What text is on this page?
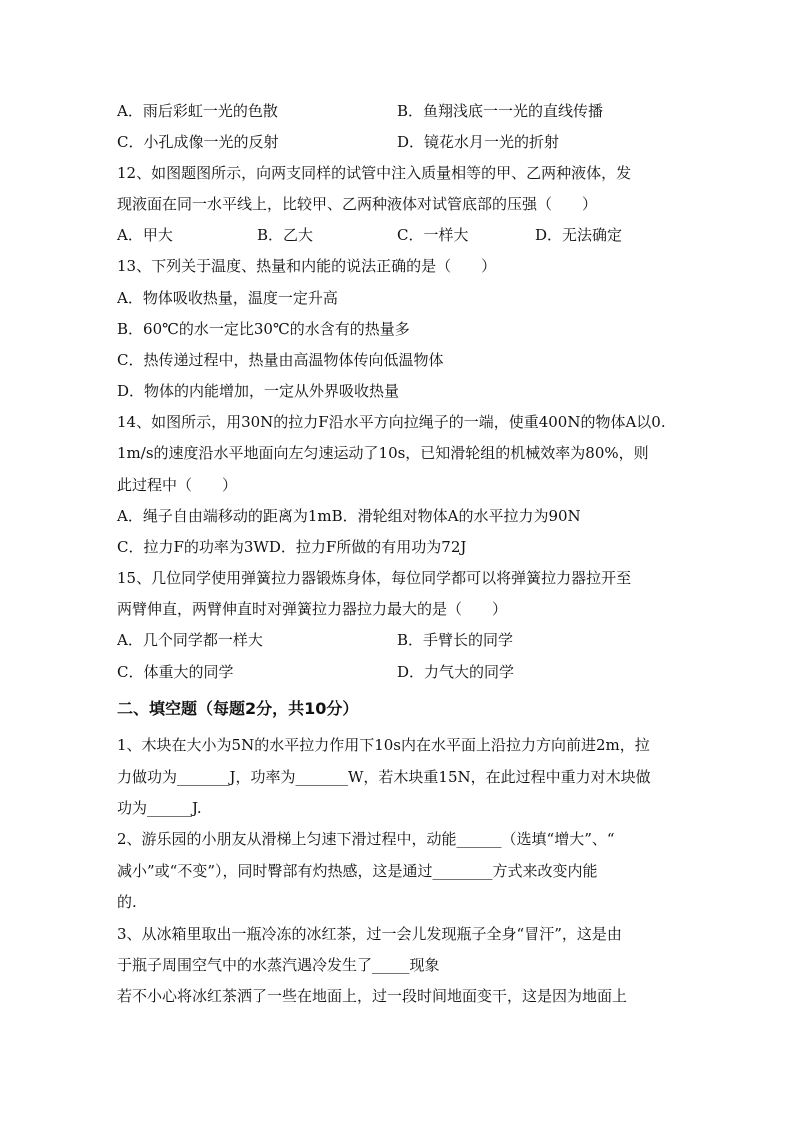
A．雨后彩虹一光的色散	B．鱼翔浅底一一光的直线传播
C．小孔成像一光的反射	D．镜花水月一光的折射
12、如图题图所示，向两支同样的试管中注入质量相等的甲、乙两种液体，发
现液面在同一水平线上，比较甲、乙两种液体对试管底部的压强（　　）
A．甲大	B．乙大	C．一样大	D．无法确定
13、下列关于温度、热量和内能的说法正确的是（　　）
A．物体吸收热量，温度一定升高
B．60℃的水一定比30℃的水含有的热量多
C．热传递过程中，热量由高温物体传向低温物体
D．物体的内能增加，一定从外界吸收热量
14、如图所示，用30N的拉力F沿水平方向拉绳子的一端，使重400N的物体A以0.
1m/s的速度沿水平地面向左匀速运动了10s，已知滑轮组的机械效率为80%，则
此过程中（　　）
A．绳子自由端移动的距离为1mB．滑轮组对物体A的水平拉力为90N
C．拉力F的功率为3WD．拉力F所做的有用功为72J
15、几位同学使用弹簧拉力器锻炼身体，每位同学都可以将弹簧拉力器拉开至
两臂伸直，两臂伸直时对弹簧拉力器拉力最大的是（　　）
A．几个同学都一样大	B．手臂长的同学
C．体重大的同学	D．力气大的同学
二、填空题（每题2分，共10分）
1、木块在大小为5N的水平拉力作用下10s内在水平面上沿拉力方向前进2m，拉
力做功为_______J，功率为_______W，若木块重15N，在此过程中重力对木块做
功为______J.
2、游乐园的小朋友从滑梯上匀速下滑过程中，动能______（选填“增大”、“
减小”或“不变”），同时臀部有灼热感，这是通过________方式来改变内能
的.
3、从冰箱里取出一瓶冷冻的冰红茶，过一会儿发现瓶子全身“冒汗”，这是由
于瓶子周围空气中的水蒸汽遇冷发生了_____现象
若不小心将冰红茶洒了一些在地面上，过一段时间地面变干，这是因为地面上
